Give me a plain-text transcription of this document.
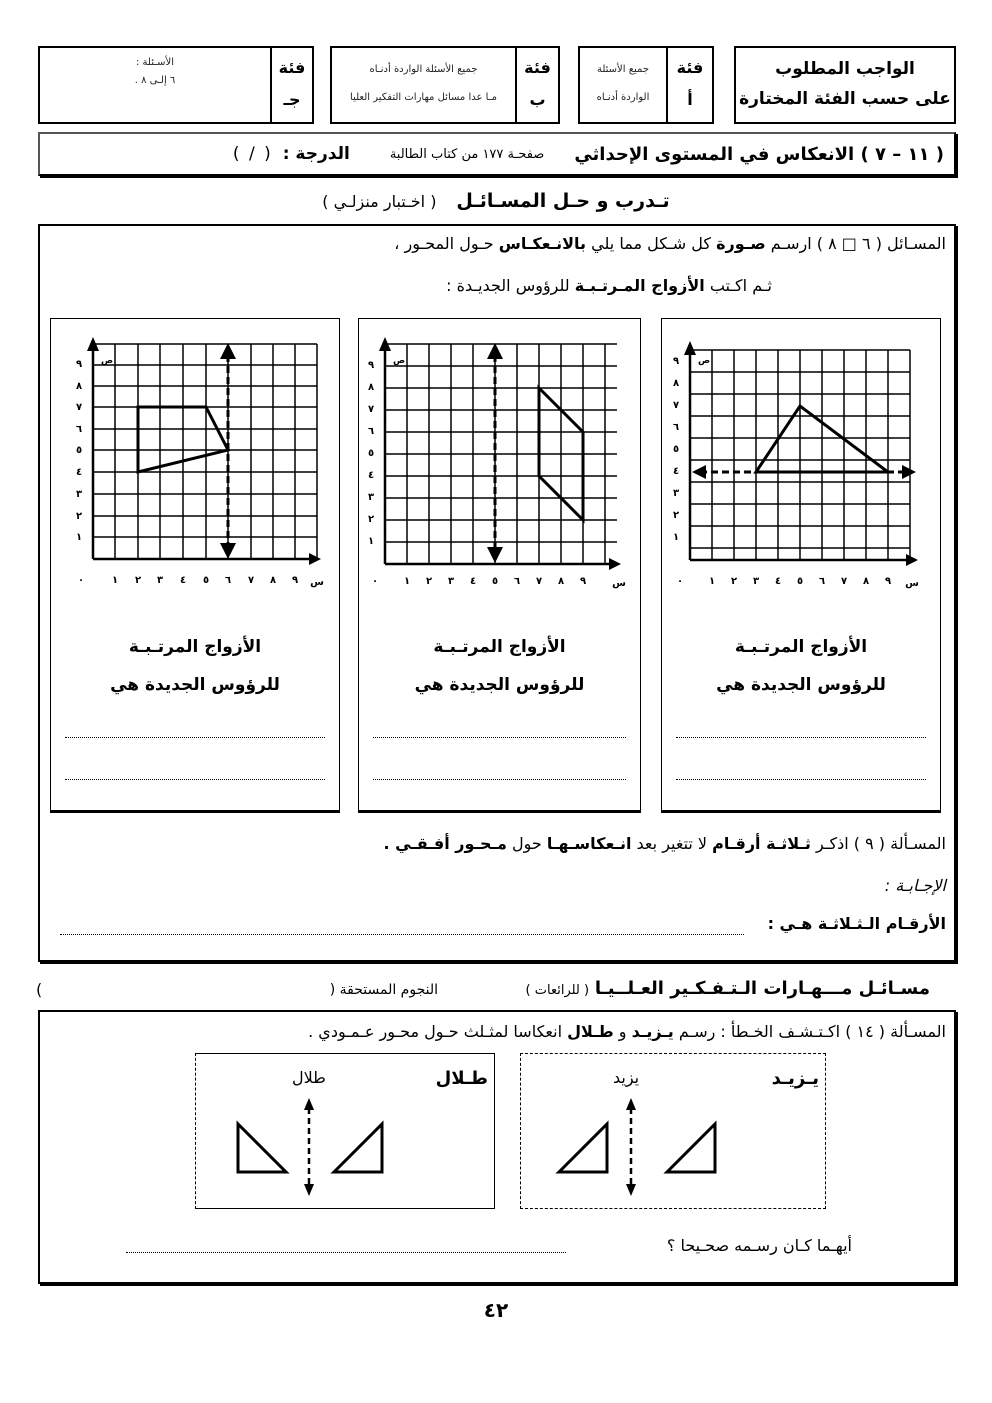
الواجب المطلوب
على حسب الفئة المختارة
فئة
أ
جميع الأسئلة
الواردة أدنـاه
فئة
ب
جميع الأسئلة الواردة أدنـاه
مـا عدا مسائل مهارات التفكير العليا
فئة
جـ
الأسـئلة :
٦ إلـى ٨ .
( ١١ – ٧ ) الانعكاس في المستوى الإحداثي
صفحـة ١٧٧ من كتاب الطالبة
الدرجة :
( / )
تـدرب و حـل المسـائـل   ( اخـتبار منزلـي )
المسـائل ( ٦ □ ٨ ) ارسـم صـورة كل شـكل مما يلي بالانـعكـاس حـول المحـور ،
ثـم اكـتب الأزواج المـرتـبـة للرؤوس الجديـدة :
٩
٨
٧
٦
٥
٤
٣
٢
١
٠	١ ٢ ٣ ٤ ٥ ٦ ٧ ٨ ٩ س
ص
الأزواج المرتـبـة
للرؤوس الجديدة هي
٩
٨
٧
٦
٥
٤
٣
٢
١
٠	١ ٢ ٣ ٤ ٥ ٦ ٧ ٨ ٩	س
ص
الأزواج المرتـبـة
للرؤوس الجديدة هي
٩
٨
٧
٦
٥
٤
٣
٢
١
٠	١ ٢ ٣ ٤ ٥ ٦ ٧ ٨ ٩ س
ص
الأزواج المرتـبـة
للرؤوس الجديدة هي
المسـألة ( ٩ ) اذكـر ثـلاثـة أرقـام لا تتغير بعد انـعكاسـهـا حول مـحـور أفـقـي .
الإجـابـة :
الأرقـام الـثـلاثـة هـي :
مسـائـل مـــهـارات الـتـفـكـير العـلــيـا ( للرائعات )
النجوم المستحقة (
)
المسـألة ( ١٤ ) اكـتـشـف الخـطأ : رسـم يـزيـد و طـلال انعكاسا لمثـلث حـول محـور عـمـودي .
يـزيـد
يزيد
طـلال
طلال
أيهـما كـان رسـمه صحـيحا ؟
٤٢
